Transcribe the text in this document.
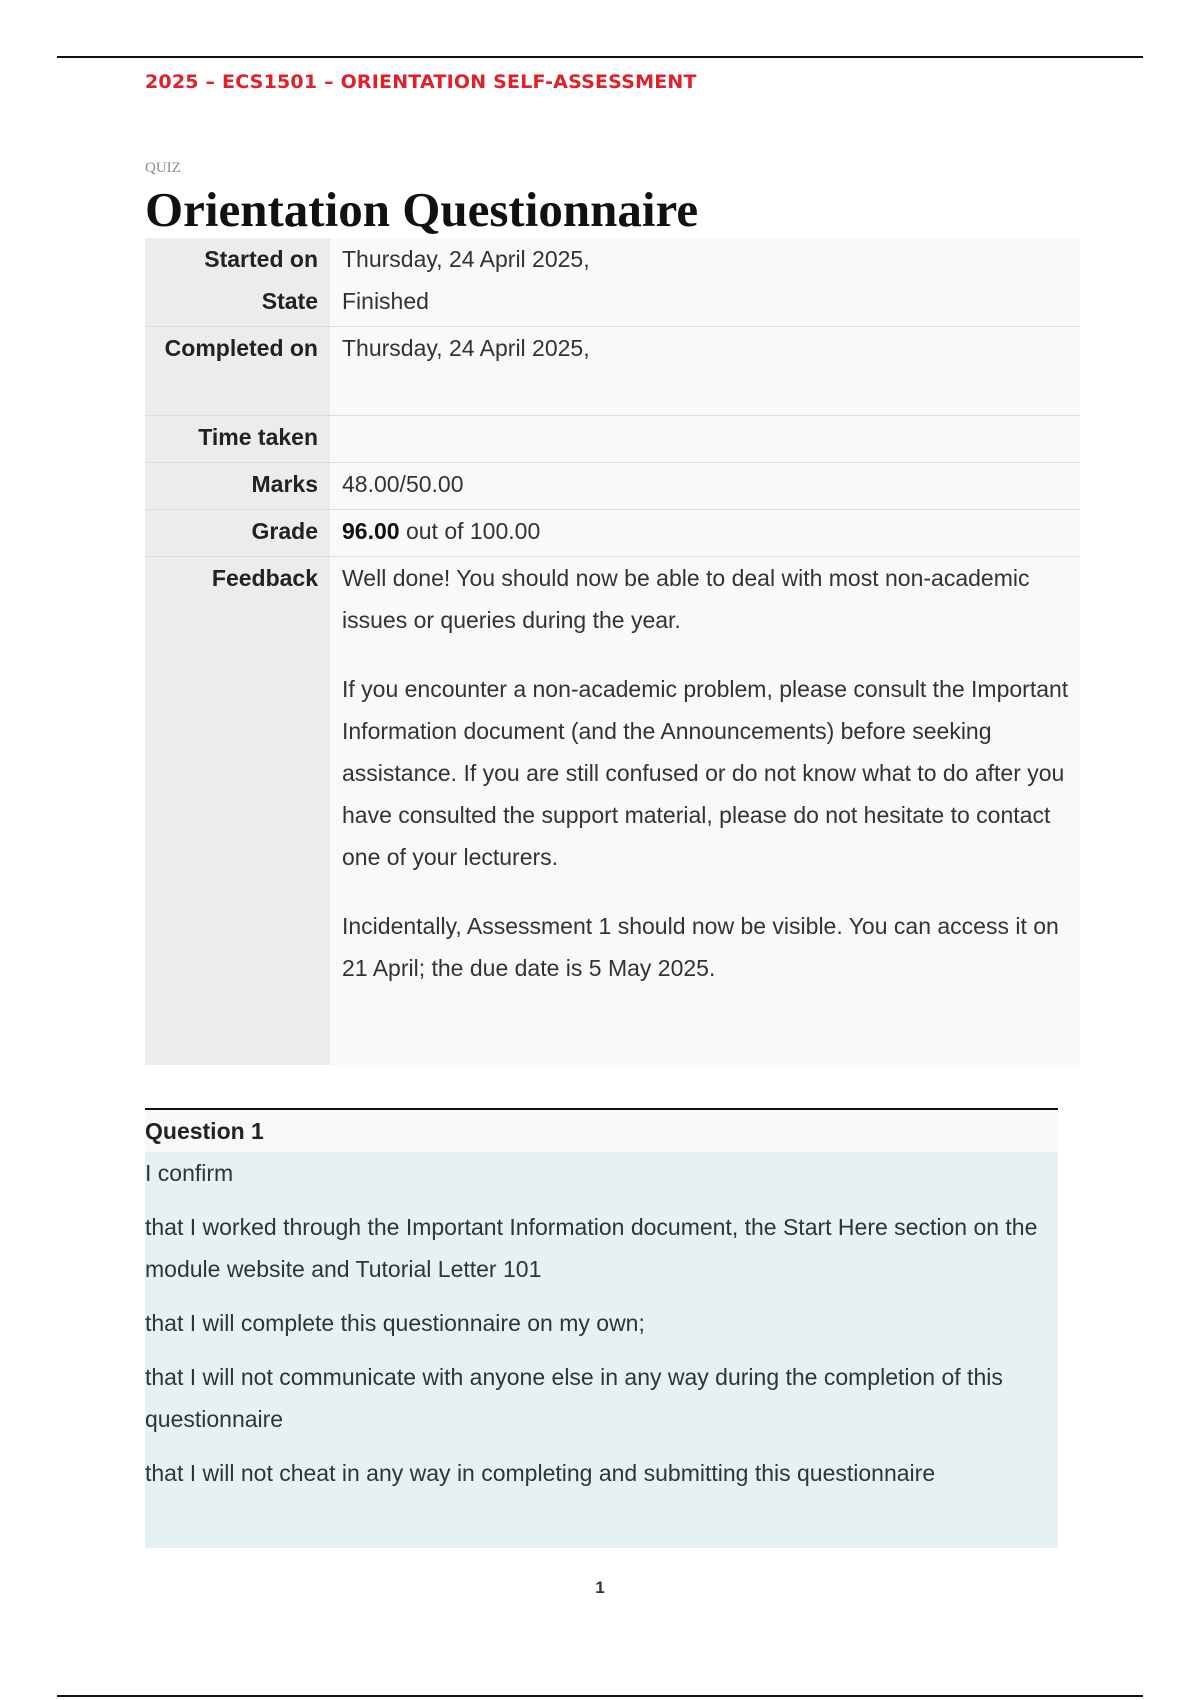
2025 – ECS1501 – ORIENTATION SELF-ASSESSMENT
QUIZ
Orientation Questionnaire
Started on	Thursday, 24 April 2025,
State	Finished
Completed on	Thursday, 24 April 2025,
Time taken	
Marks	48.00/50.00
Grade	96.00 out of 100.00
Feedback	Well done! You should now be able to deal with most non-academic issues or queries during the year.

If you encounter a non-academic problem, please consult the Important Information document (and the Announcements) before seeking assistance. If you are still confused or do not know what to do after you have consulted the support material, please do not hesitate to contact one of your lecturers.

Incidentally, Assessment 1 should now be visible. You can access it on 21 April; the due date is 5 May 2025.

Question 1

I confirm

that I worked through the Important Information document, the Start Here section on the module website and Tutorial Letter 101

that I will complete this questionnaire on my own;

that I will not communicate with anyone else in any way during the completion of this questionnaire

that I will not cheat in any way in completing and submitting this questionnaire

1
